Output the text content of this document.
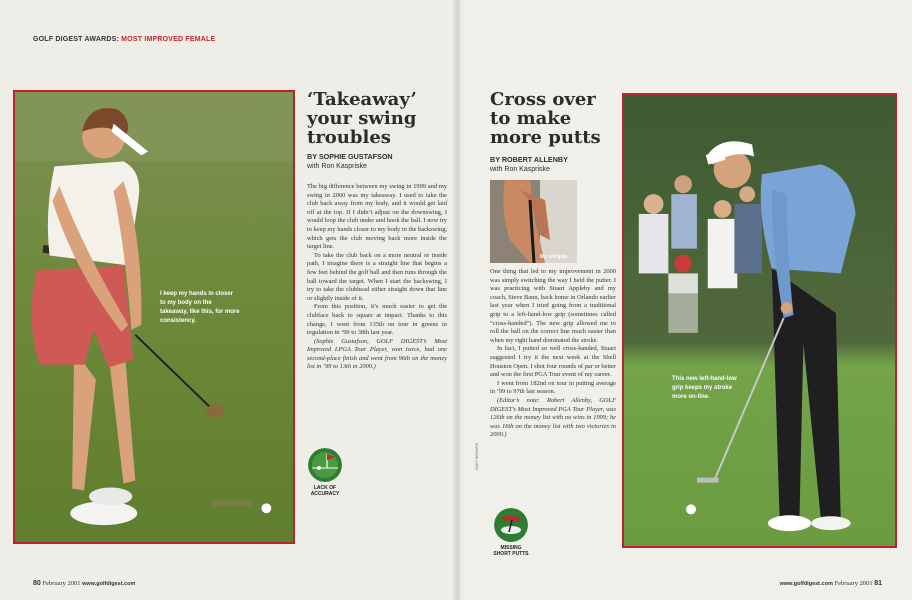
GOLF DIGEST AWARDS: MOST IMPROVED FEMALE
I keep my hands in closer to my body on the takeaway, like this, for more consistency.
‘Takeaway’
your swing
troubles
BY SOPHIE GUSTAFSON
with Ron Kaspriske

The big difference between my swing in 1999 and my swing in 2000 was my takeaway. I used to take the club back away from my body, and it would get laid off at the top. If I didn’t adjust on the downswing, I would loop the club under and hook the ball. I now try to keep my hands closer to my body in the backswing, which gets the club moving back more inside the target line.

To take the club back on a more neutral or inside path, I imagine there is a straight line that begins a few feet behind the golf ball and then runs through the ball toward the target. When I start the backswing, I try to take the clubhead either straight down that line or slightly inside of it.

From this position, it’s much easier to get the clubface back to square at impact. Thanks to this change, I went from 135th on tour in greens in regulation in ’99 to 38th last year.

(Sophie Gustafson, GOLF DIGEST’s Most Improved LPGA Tour Player, won twice, had one second-place finish and went from 96th on the money list in ’99 to 13th in 2000.)

LACK OF
ACCURACY
Cross over
to make
more putts
BY ROBERT ALLENBY
with Ron Kaspriske
My old grip.

One thing that led to my improvement in 2000 was simply switching the way I held the putter. I was practicing with Stuart Appleby and my coach, Steve Bann, back home in Orlando earlier last year when I tried going from a traditional grip to a left-hand-low grip (sometimes called “cross-handed”). The new grip allowed me to roll the ball on the correct line much easier than when my right hand dominated the stroke.

In fact, I putted so well cross-handed, Stuart suggested I try it the next week at the Shell Houston Open. I shot four rounds of par or better and won the first PGA Tour event of my career.

I went from 182nd on tour in putting average in ’99 to 97th last season.

(Editor’s note: Robert Allenby, GOLF DIGEST’s Most Improved PGA Tour Player, was 126th on the money list with no wins in 1999; he was 16th on the money list with two victories in 2000.)

GARY NEWKIRK
MISSING
SHORT PUTTS
This new left-hand-low grip keeps my stroke more on-line.
80 February 2001 www.golfdigest.com	www.golfdigest.com February 2001 81
